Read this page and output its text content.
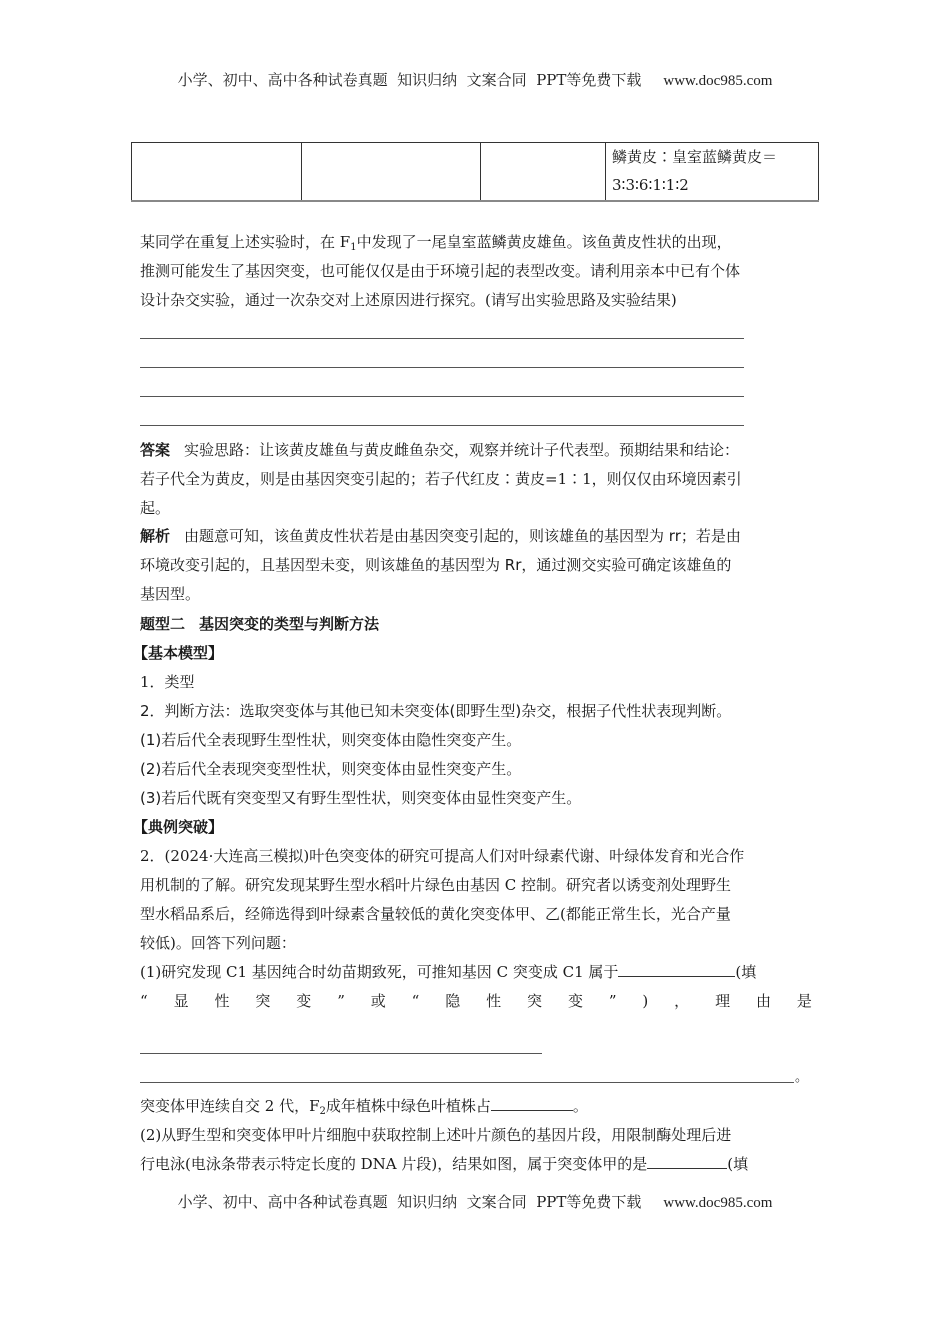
小学、初中、高中各种试卷真题  知识归纳  文案合同  PPT等免费下载 www.doc985.com

鳞黄皮∶皇室蓝鳞黄皮＝
3∶3∶6∶1∶1∶2
某同学在重复上述实验时，在 $F_1$中发现了一尾皇室蓝鳞黄皮雄鱼。该鱼黄皮性状的出现，
推测可能发生了基因突变，也可能仅仅是由于环境引起的表型改变。请利用亲本中已有个体
设计杂交实验，通过一次杂交对上述原因进行探究。(请写出实验思路及实验结果)
答案 实验思路：让该黄皮雄鱼与黄皮雌鱼杂交，观察并统计子代表型。预期结果和结论：
若子代全为黄皮，则是由基因突变引起的；若子代红皮∶黄皮=1∶1，则仅仅由环境因素引
起。
解析 由题意可知，该鱼黄皮性状若是由基因突变引起的，则该雄鱼的基因型为 rr；若是由
环境改变引起的，且基因型未变，则该雄鱼的基因型为 Rr，通过测交实验可确定该雄鱼的
基因型。
题型二 基因突变的类型与判断方法
【基本模型】
1．类型
2．判断方法：选取突变体与其他已知未突变体(即野生型)杂交，根据子代性状表现判断。
(1)若后代全表现野生型性状，则突变体由隐性突变产生。
(2)若后代全表现突变型性状，则突变体由显性突变产生。
(3)若后代既有突变型又有野生型性状，则突变体由显性突变产生。
【典例突破】
2．(2024·大连高三模拟)叶色突变体的研究可提高人们对叶绿素代谢、叶绿体发育和光合作
用机制的了解。研究发现某野生型水稻叶片绿色由基因 C 控制。研究者以诱变剂处理野生
型水稻品系后，经筛选得到叶绿素含量较低的黄化突变体甲、乙(都能正常生长，光合产量
较低)。回答下列问题：
(1)研究发现 C1 基因纯合时幼苗期致死，可推知基因 C 突变成 C1 属于	(填
“ 显 性 突 变 ” 或 “ 隐 性 突 变 ” ) ， 理 由 是
。
突变体甲连续自交 2 代，$F_2$成年植株中绿色叶植株占	。
(2)从野生型和突变体甲叶片细胞中获取控制上述叶片颜色的基因片段，用限制酶处理后进
行电泳(电泳条带表示特定长度的 DNA 片段)，结果如图，属于突变体甲的是	(填
小学、初中、高中各种试卷真题  知识归纳  文案合同  PPT等免费下载 www.doc985.com
